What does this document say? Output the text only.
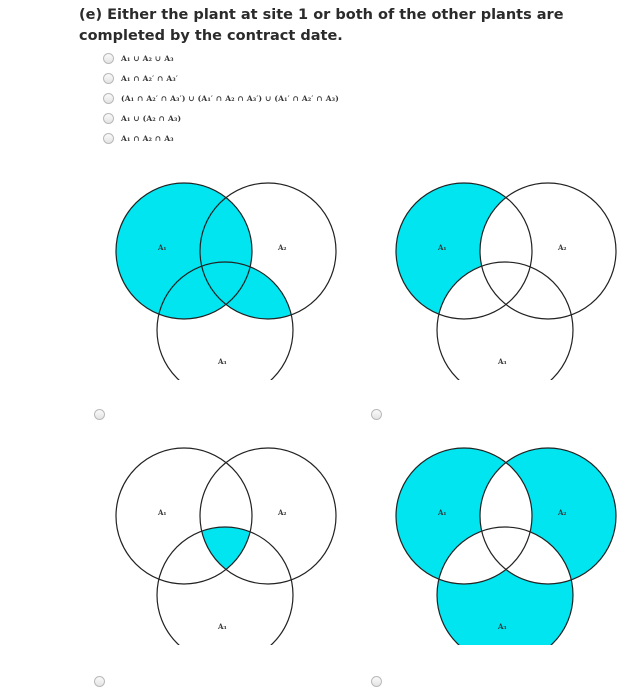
(e) Either the plant at site 1 or both of the other plants are completed by the contract date.
A₁ ∪ A₂ ∪ A₃
A₁ ∩ A₂′ ∩ A₃′
(A₁ ∩ A₂′ ∩ A₃′) ∪ (A₁′ ∩ A₂ ∩ A₃′) ∪ (A₁′ ∩ A₂′ ∩ A₃)
A₁ ∪ (A₂ ∩ A₃)
A₁ ∩ A₂ ∩ A₃
A₁	A₂
A₃
A₁	A₂
A₃
A₁	A₂
A₃
A₁	A₂
A₃
